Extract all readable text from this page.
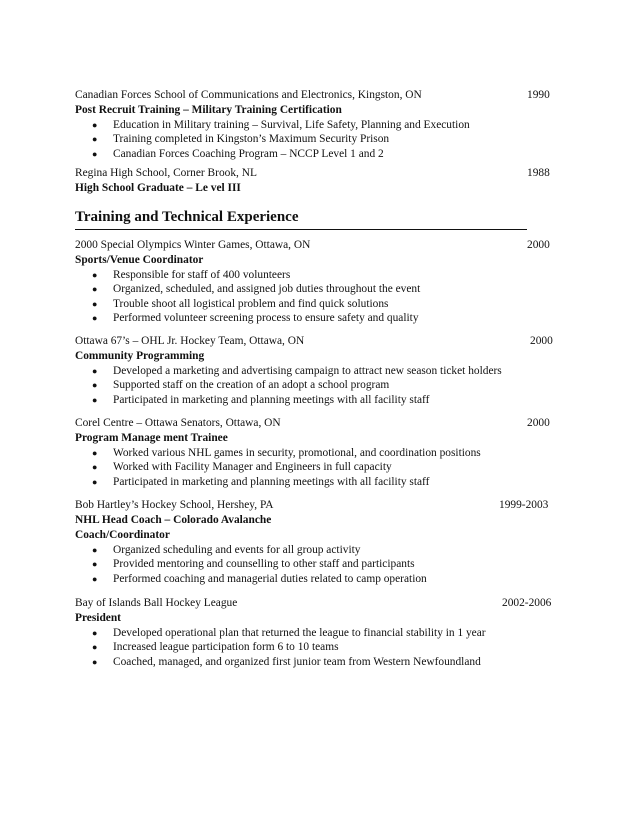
Canadian Forces School of Communications and Electronics, Kingston, ON	1990
Post Recruit Training – Military Training Certification
● Education in Military training – Survival, Life Safety, Planning and Execution
● Training completed in Kingston’s Maximum Security Prison
● Canadian Forces Coaching Program – NCCP Level 1 and 2
Regina High School, Corner Brook, NL	1988
High School Graduate – Le vel III
Training and Technical Experience
2000 Special Olympics Winter Games, Ottawa, ON	2000
Sports/Venue Coordinator
● Responsible for staff of 400 volunteers
● Organized, scheduled, and assigned job duties throughout the event
● Trouble shoot all logistical problem and find quick solutions
● Performed volunteer screening process to ensure safety and quality
Ottawa 67’s – OHL Jr. Hockey Team, Ottawa, ON	2000
Community Programming
● Developed a marketing and advertising campaign to attract new season ticket holders
● Supported staff on the creation of an adopt a school program
● Participated in marketing and planning meetings with all facility staff
Corel Centre – Ottawa Senators, Ottawa, ON	2000
Program Manage ment Trainee
● Worked various NHL games in security, promotional, and coordination positions
● Worked with Facility Manager and Engineers in full capacity
● Participated in marketing and planning meetings with all facility staff
Bob Hartley’s Hockey School, Hershey, PA	1999-2003
NHL Head Coach – Colorado Avalanche
Coach/Coordinator
● Organized scheduling and events for all group activity
● Provided mentoring and counselling to other staff and participants
● Performed coaching and managerial duties related to camp operation
Bay of Islands Ball Hockey League	2002-2006
President
● Developed operational plan that returned the league to financial stability in 1 year
● Increased league participation form 6 to 10 teams
● Coached, managed, and organized first junior team from Western Newfoundland
